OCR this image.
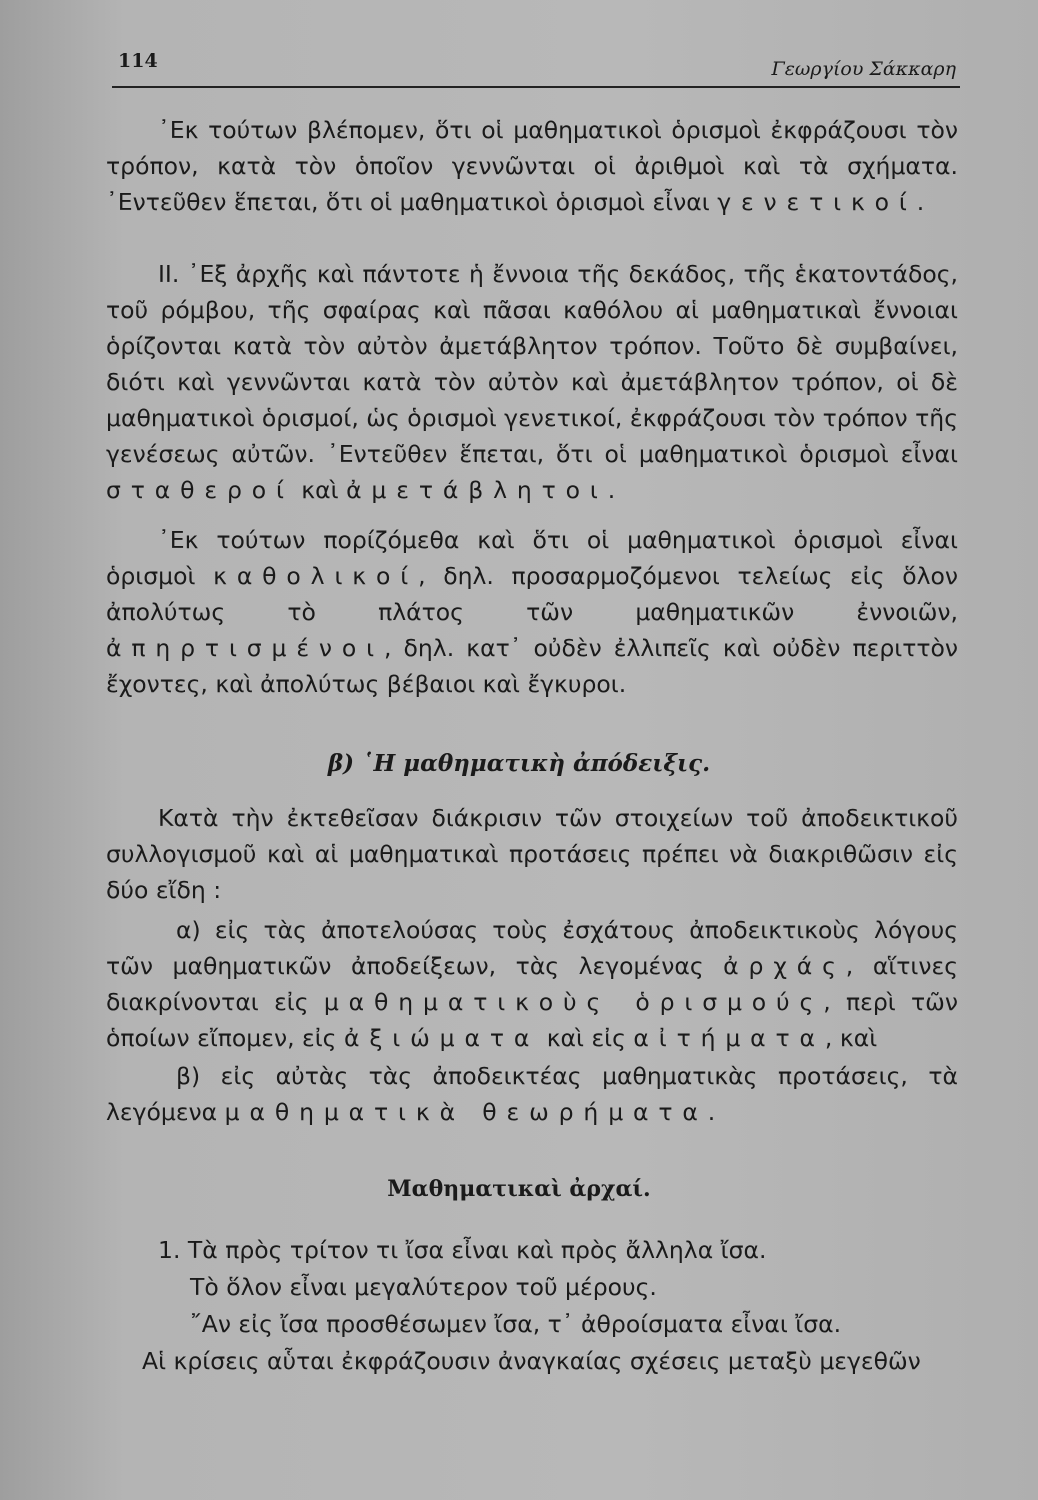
114	Γεωργίου Σάκκαρη

᾿Εκ τούτων βλέπομεν, ὅτι οἱ μαθηματικοὶ ὁρισμοὶ ἐκφράζουσι τὸν τρόπον, κατὰ τὸν ὁποῖον γεννῶνται οἱ ἀριθμοὶ καὶ τὰ σχήματα. ᾿Εντεῦθεν ἕπεται, ὅτι οἱ μαθηματικοὶ ὁρισμοὶ εἶναι γενετικοί.

ΙΙ. ᾿Εξ ἀρχῆς καὶ πάντοτε ἡ ἔννοια τῆς δεκάδος, τῆς ἑκατοντάδος, τοῦ ρόμβου, τῆς σφαίρας καὶ πᾶσαι καθόλου αἱ μαθηματικαὶ ἔννοιαι ὁρίζονται κατὰ τὸν αὐτὸν ἀμετάβλητον τρόπον. Τοῦτο δὲ συμβαίνει, διότι καὶ γεννῶνται κατὰ τὸν αὐτὸν καὶ ἀμετάβλητον τρόπον, οἱ δὲ μαθηματικοὶ ὁρισμοί, ὡς ὁρισμοὶ γενετικοί, ἐκφράζουσι τὸν τρόπον τῆς γενέσεως αὐτῶν. ᾿Εντεῦθεν ἕπεται, ὅτι οἱ μαθηματικοὶ ὁρισμοὶ εἶναι σταθεροί καὶ ἀμετάβλητοι.

᾿Εκ τούτων πορίζόμεθα καὶ ὅτι οἱ μαθηματικοὶ ὁρισμοὶ εἶναι ὁρισμοὶ καθολικοί, δηλ. προσαρμοζόμενοι τελείως εἰς ὅλον ἀπολύτως τὸ πλάτος τῶν μαθηματικῶν ἐννοιῶν, ἀπηρτισμένοι, δηλ. κατ᾿ οὐδὲν ἐλλιπεῖς καὶ οὐδὲν περιττὸν ἔχοντες, καὶ ἀπολύτως βέβαιοι καὶ ἔγκυροι.

β) ῾Η μαθηματικὴ ἀπόδειξις.

Κατὰ τὴν ἐκτεθεῖσαν διάκρισιν τῶν στοιχείων τοῦ ἀποδεικτικοῦ συλλογισμοῦ καὶ αἱ μαθηματικαὶ προτάσεις πρέπει νὰ διακριθῶσιν εἰς δύο εἴδη :

α) εἰς τὰς ἀποτελούσας τοὺς ἐσχάτους ἀποδεικτικοὺς λόγους τῶν μαθηματικῶν ἀποδείξεων, τὰς λεγομένας ἀρχάς, αἵτινες διακρίνονται εἰς μαθηματικοὺς ὁρισμούς, περὶ τῶν ὁποίων εἴπομεν, εἰς ἀξιώματα καὶ εἰς αἰτήματα, καὶ

β) εἰς αὐτὰς τὰς ἀποδεικτέας μαθηματικὰς προτάσεις, τὰ λεγόμενα μαθηματικὰ θεωρήματα.

Μαθηματικαὶ ἀρχαί.
1. Τὰ πρὸς τρίτον τι ἴσα εἶναι καὶ πρὸς ἄλληλα ἴσα.
Τὸ ὅλον εἶναι μεγαλύτερον τοῦ μέρους.
῎Αν εἰς ἴσα προσθέσωμεν ἴσα, τ᾿ ἀθροίσματα εἶναι ἴσα.
Αἱ κρίσεις αὗται ἐκφράζουσιν ἀναγκαίας σχέσεις μεταξὺ μεγεθῶν
